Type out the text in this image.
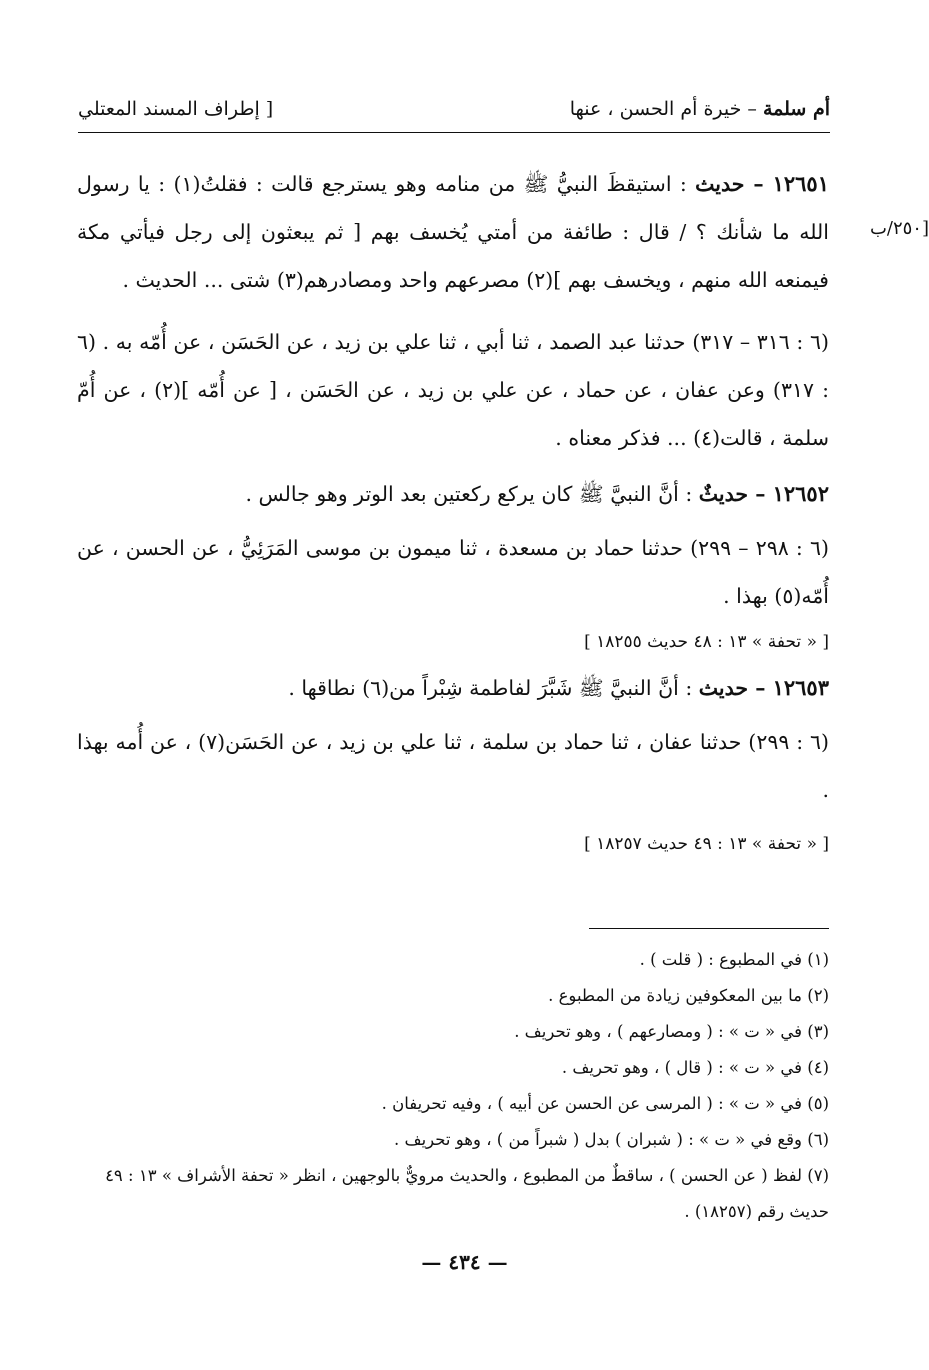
أم سلمة – خيرة أم الحسن ، عنها
[ إطراف المسند المعتلي
[٢٥٠/ب

١٢٦٥١ – حديث : استيقظَ النبيُّ ﷺ من منامه وهو يسترجع قالت : فقلتُ(١) : يا رسول الله ما شأنك ؟ / قال : طائفة من أمتي يُخسف بهم [ ثم يبعثون إلى رجل فيأتي مكة فيمنعه الله منهم ، ويخسف بهم ](٢) مصرعهم واحد ومصادرهم(٣) شتى ... الحديث .

(٦ : ٣١٦ – ٣١٧) حدثنا عبد الصمد ، ثنا أبي ، ثنا علي بن زيد ، عن الحَسَن ، عن أُمّه به . (٦ : ٣١٧) وعن عفان ، عن حماد ، عن علي بن زيد ، عن الحَسَن ، [ عن أُمّه ](٢) ، عن أُمّ سلمة ، قالت(٤) ... فذكر معناه .

١٢٦٥٢ – حديثٌ : أنَّ النبيَّ ﷺ كان يركع ركعتين بعد الوتر وهو جالس .

(٦ : ٢٩٨ – ٢٩٩) حدثنا حماد بن مسعدة ، ثنا ميمون بن موسى المَرَئِيُّ ، عن الحسن ، عن أُمّه(٥) بهذا .

[ « تحفة » ١٣ : ٤٨ حديث ١٨٢٥٥ ]

١٢٦٥٣ – حديث : أنَّ النبيَّ ﷺ شَبَّرَ لفاطمة شِبْراً من(٦) نطاقها .

(٦ : ٢٩٩) حدثنا عفان ، ثنا حماد بن سلمة ، ثنا علي بن زيد ، عن الحَسَن(٧) ، عن أُمه بهذا .

[ « تحفة » ١٣ : ٤٩ حديث ١٨٢٥٧ ]

(١) في المطبوع : ( قلت ) .
(٢) ما بين المعكوفين زيادة من المطبوع .
(٣) في « ت » : ( ومصارعهم ) ، وهو تحريف .
(٤) في « ت » : ( قال ) ، وهو تحريف .
(٥) في « ت » : ( المرسى عن الحسن عن أبيه ) ، وفيه تحريفان .
(٦) وقع في « ت » : ( شبران ) بدل ( شبراً من ) ، وهو تحريف .
(٧) لفظ ( عن الحسن ) ، ساقطٌ من المطبوع ، والحديث مرويٌّ بالوجهين ، انظر « تحفة الأشراف » ١٣ : ٤٩ حديث رقم (١٨٢٥٧) .
— ٤٣٤ —
